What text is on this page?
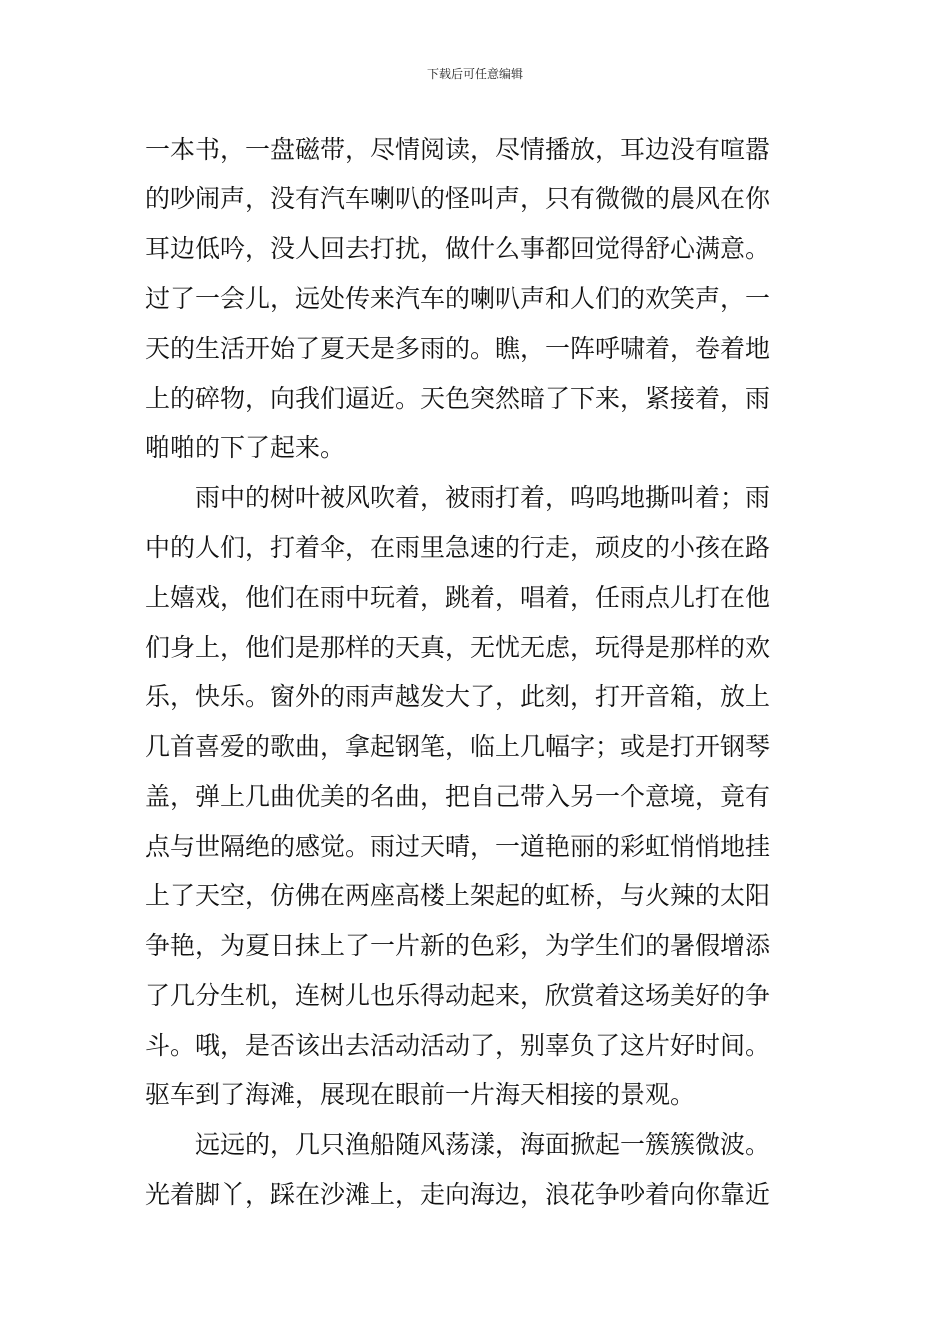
下载后可任意编辑
一本书，一盘磁带，尽情阅读，尽情播放，耳边没有喧嚣
的吵闹声，没有汽车喇叭的怪叫声，只有微微的晨风在你
耳边低吟，没人回去打扰，做什么事都回觉得舒心满意。
过了一会儿，远处传来汽车的喇叭声和人们的欢笑声，一
天的生活开始了夏天是多雨的。瞧，一阵呼啸着，卷着地
上的碎物，向我们逼近。天色突然暗了下来，紧接着，雨
啪啪的下了起来。
雨中的树叶被风吹着，被雨打着，呜呜地撕叫着；雨
中的人们，打着伞，在雨里急速的行走，顽皮的小孩在路
上嬉戏，他们在雨中玩着，跳着，唱着，任雨点儿打在他
们身上，他们是那样的天真，无忧无虑，玩得是那样的欢
乐，快乐。窗外的雨声越发大了，此刻，打开音箱，放上
几首喜爱的歌曲，拿起钢笔，临上几幅字；或是打开钢琴
盖，弹上几曲优美的名曲，把自己带入另一个意境，竟有
点与世隔绝的感觉。雨过天晴，一道艳丽的彩虹悄悄地挂
上了天空，仿佛在两座高楼上架起的虹桥，与火辣的太阳
争艳，为夏日抹上了一片新的色彩，为学生们的暑假增添
了几分生机，连树儿也乐得动起来，欣赏着这场美好的争
斗。哦，是否该出去活动活动了，别辜负了这片好时间。
驱车到了海滩，展现在眼前一片海天相接的景观。
远远的，几只渔船随风荡漾，海面掀起一簇簇微波。
光着脚丫，踩在沙滩上，走向海边，浪花争吵着向你靠近
